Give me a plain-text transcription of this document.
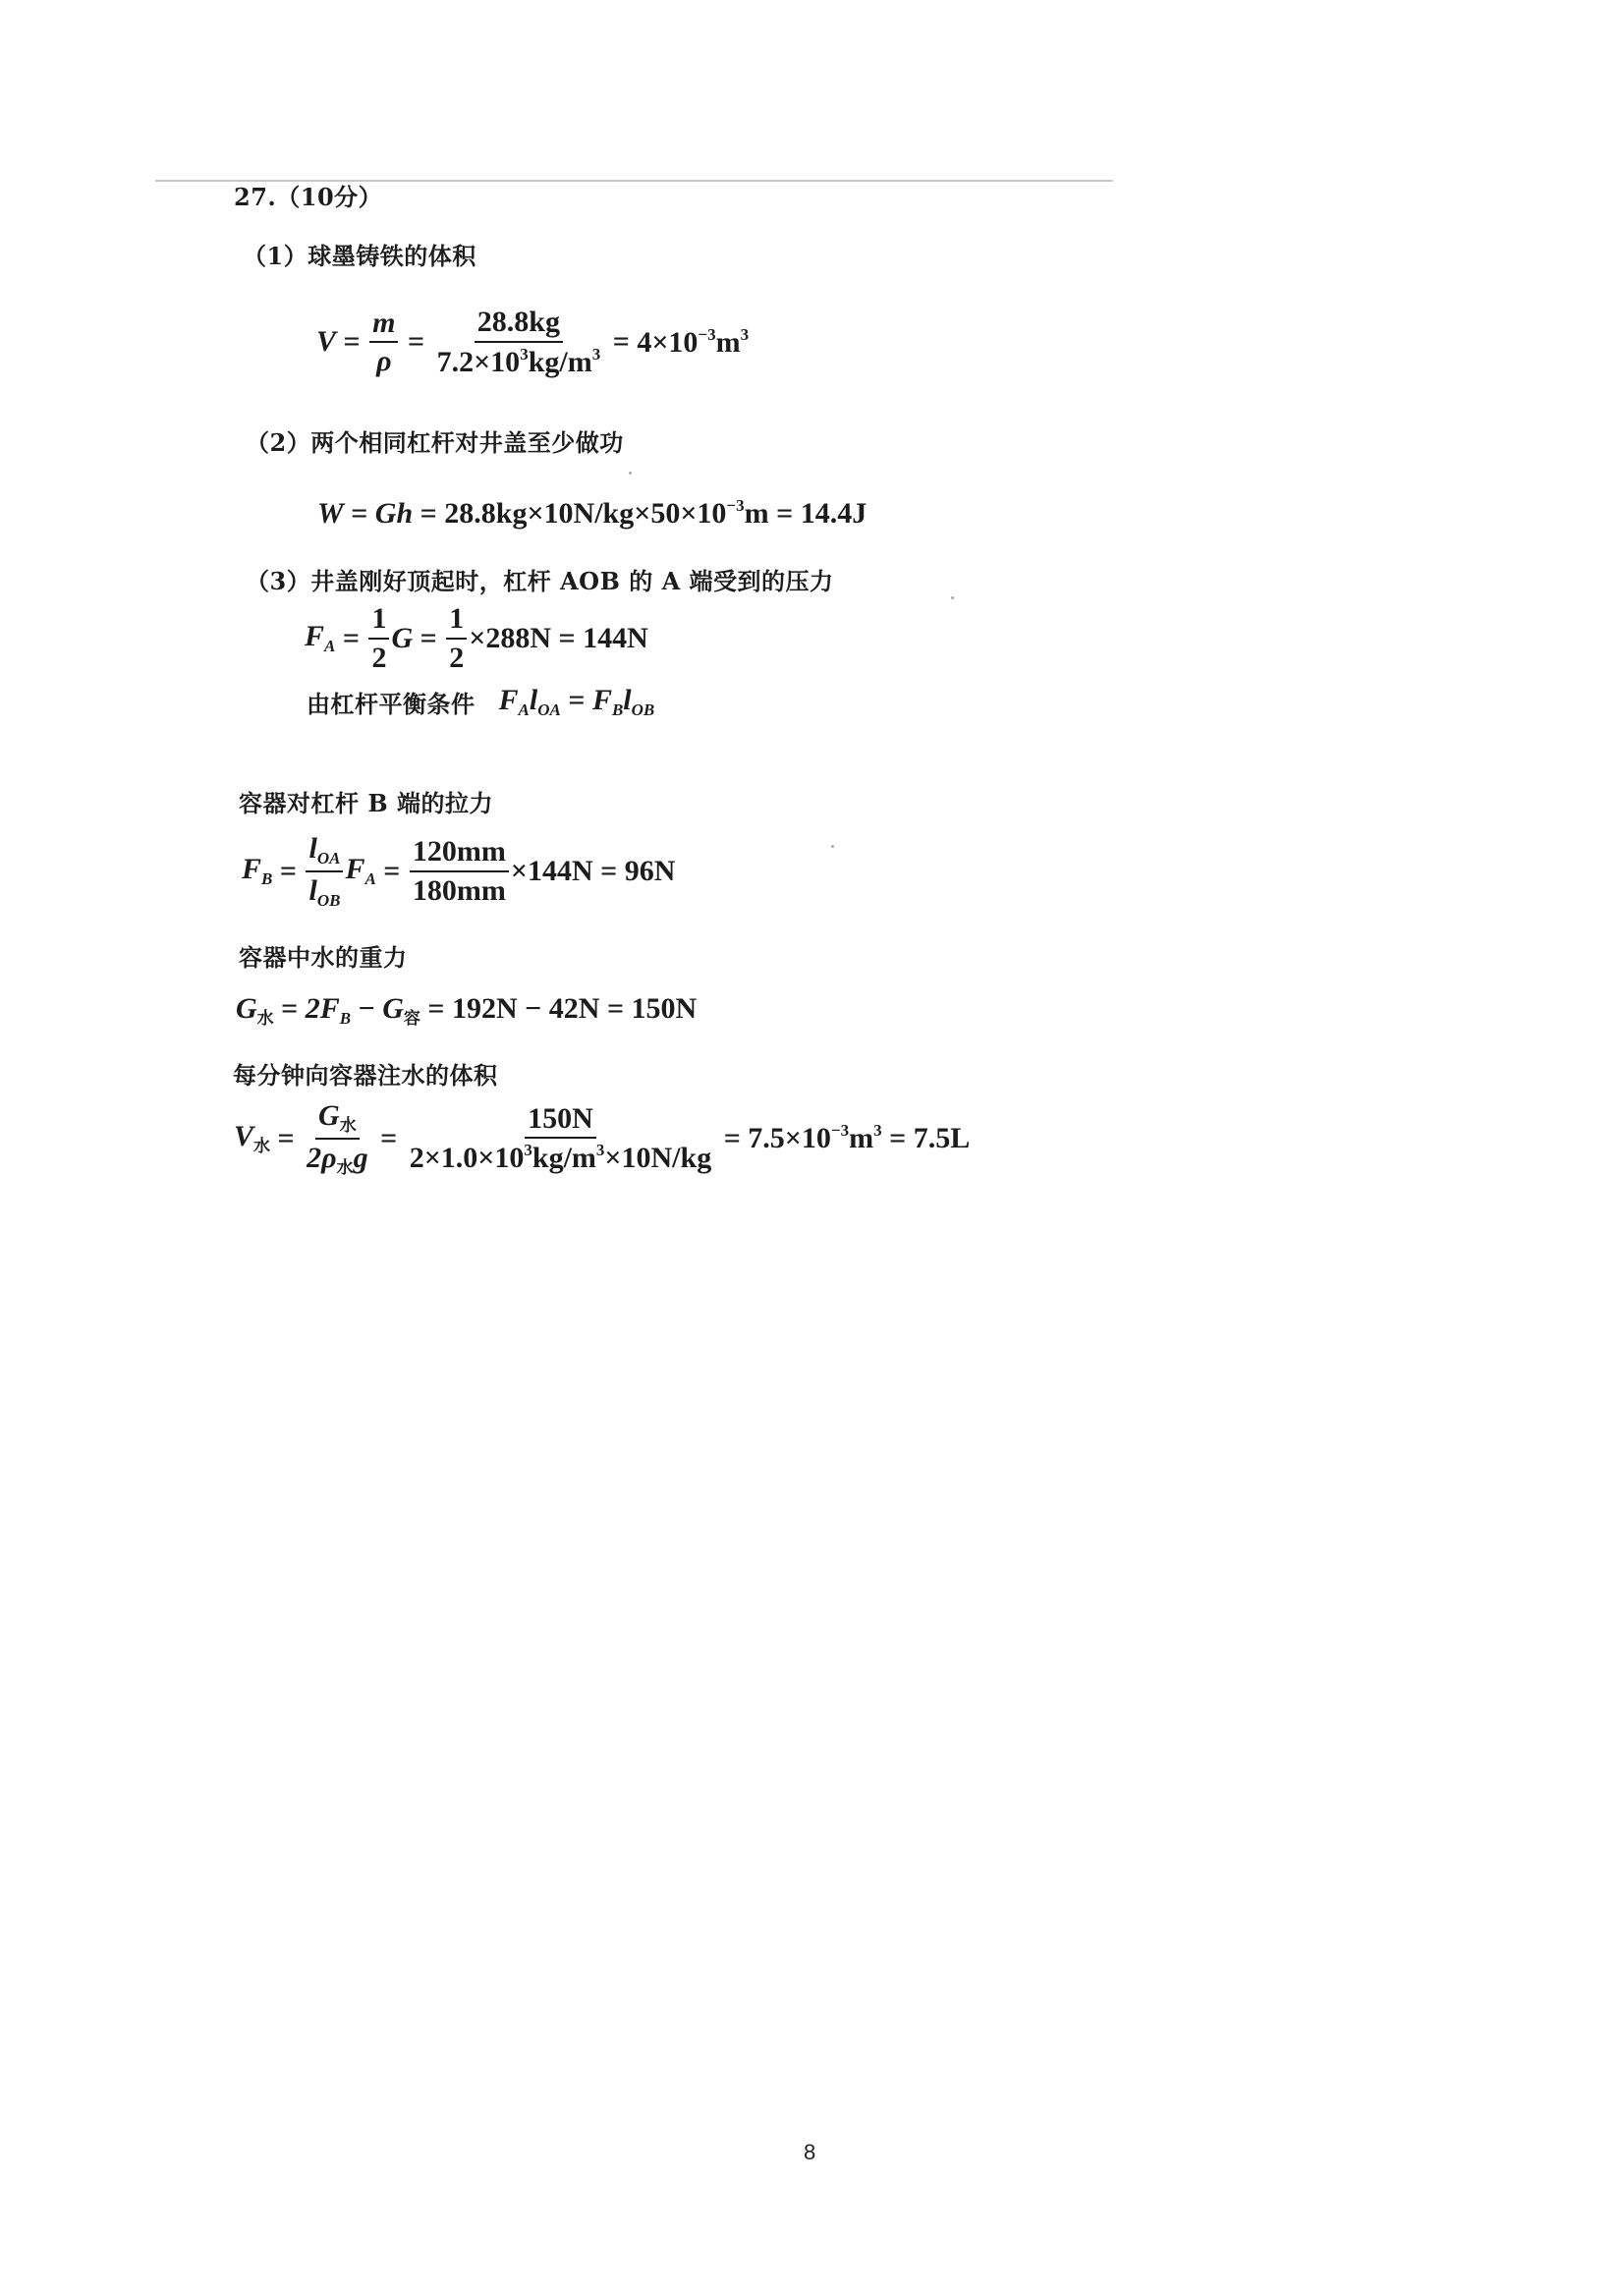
27.（10分）
（1）球墨铸铁的体积
$V = \frac{m}{\rho} = \frac{28.8kg}{7.2\times 10^3kg/m^3} = 4\times 10^{-3}m^3$
（2）两个相同杠杆对井盖至少做功
$W = Gh = 28.8kg\times 10N/kg\times 50\times 10^{-3}m = 14.4J$
（3）井盖刚好顶起时，杠杆 AOB 的 A 端受到的压力
$F_A = \frac{1}{2}$ $G = \frac{1}{2} \times 288N = 144N$
由杠杆平衡条件 $F_Al_{OA} = F_Bl_{OB}$
容器对杠杆 B 端的拉力
$F_B = \frac{l_{OA}}{l_{OB}} F_A = \frac{120mm}{180mm} \times 144N = 96N$
容器中水的重力
$G_水 = 2F_B - G_容 = 192N - 42N = 150N$
每分钟向容器注水的体积
$V_水 = \frac{G_水}{2\rho_水g} = \frac{150N}{2\times 1.0\times 10^3kg/m^3\times 10N/kg}$
= $7.5\times 10^{-3}m^3 = 7.5L$
8
